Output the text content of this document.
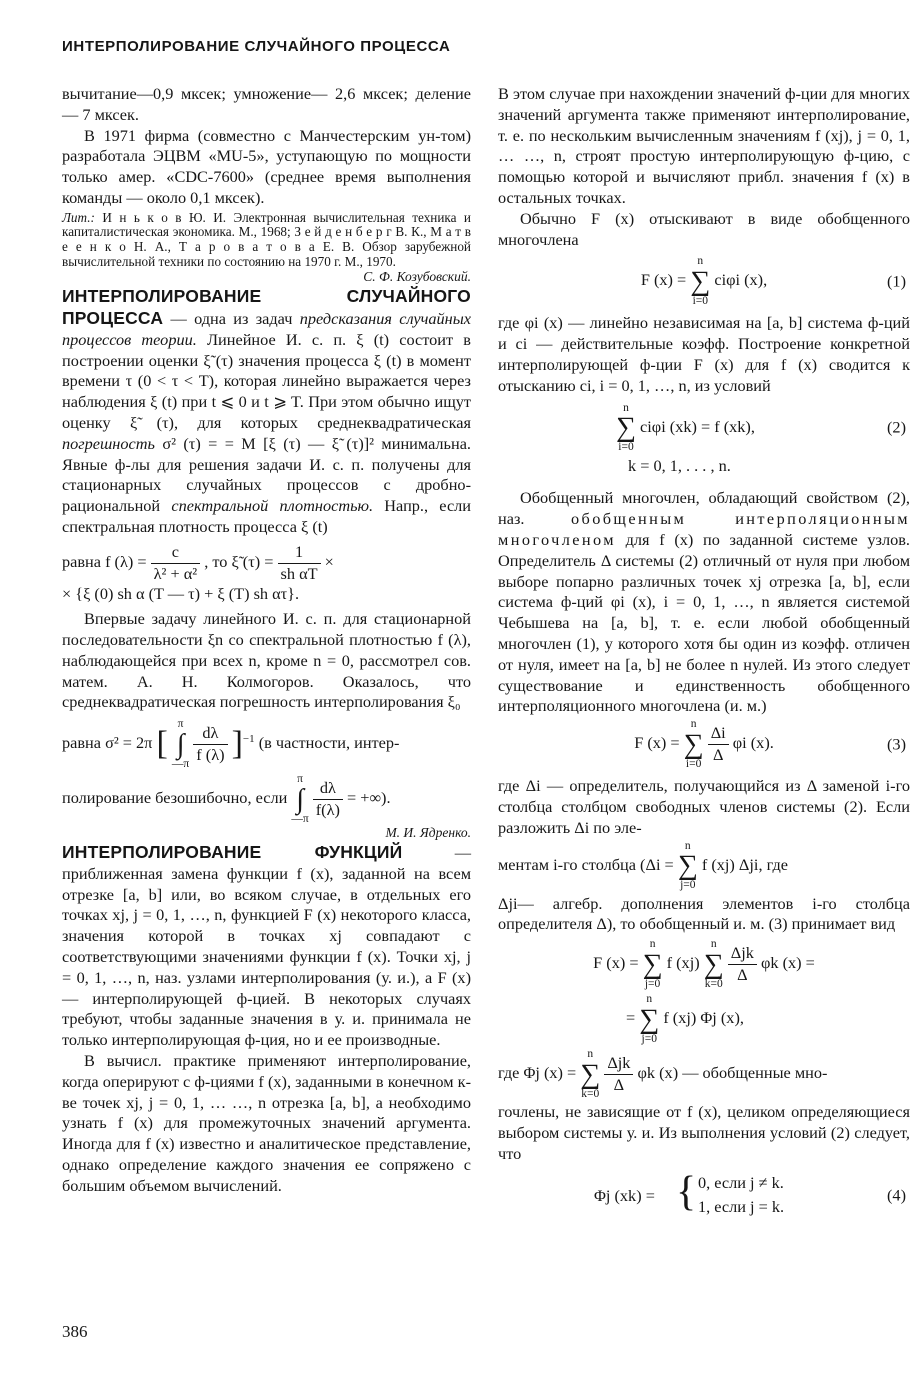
ИНТЕРПОЛИРОВАНИЕ СЛУЧАЙНОГО ПРОЦЕССА

вычитание—0,9 мксек; умножение— 2,6 мксек; деление — 7 мксек.

В 1971 фирма (совместно с Манчестерским ун-том) разработала ЭЦВМ «MU-5», уступающую по мощности только амер. «CDC-7600» (среднее время выполнения команды — около 0,1 мксек).

Лит.: И н ь к о в Ю. И. Электронная вычислительная техника и капиталистическая экономика. М., 1968; З е й д е н б е р г В. К., М а т в е е н к о Н. А., Т а р о в а т о в а Е. В. Обзор зарубежной вычислительной техники по состоянию на 1970 г. М., 1970.

С. Ф. Козубовский.

ИНТЕРПОЛИРОВАНИЕ СЛУЧАЙНОГО ПРОЦЕССА — одна из задач предсказания случайных процессов теории. Линейное И. с. п. ξ (t) состоит в построении оценки ξ̃ (τ) значения процесса ξ (t) в момент времени τ (0 < τ < T), которая линейно выражается через наблюдения ξ (t) при t ⩽ 0 и t ⩾ T. При этом обычно ищут оценку ξ̃ (τ), для которых среднеквадратическая погрешность σ² (τ) = = M [ξ (τ) — ξ̃ (τ)]² минимальна. Явные ф-лы для решения задачи И. с. п. получены для стационарных случайных процессов с дробно-рациональной спектральной плотностью. Напр., если спектральная плотность процесса ξ (t)

равна f $(\lambda) = \frac{c}{\text{λ² + α²}}$ , то ξ̃ $(\tau) = \frac{1}{\text{sh αT}}$ ×

× {ξ (0) sh α (T — τ) + ξ (T) sh ατ}.

Впервые задачу линейного И. с. п. для стационарной последовательности ξn со спектральной плотностью f (λ), наблюдающейся при всех n, кроме n = 0, рассмотрел сов. матем. А. Н. Колмогоров. Оказалось, что среднеквадратическая погрешность интерполирования ξ₀

равна σ² = 2π [
π
∫
—π
$\frac{d\lambda}{f (\lambda)} ]^{-1}$ (в частности, интер-

полирование безошибочно, если
π
∫
—π
$\frac{d\lambda}{f(\lambda)}$ = +∞).

М. И. Ядренко.

ИНТЕРПОЛИРОВАНИЕ ФУНКЦИЙ	— приближенная замена функции f (x), заданной на всем отрезке [a, b] или, во всяком случае, в отдельных его точках xj, j = 0, 1, …, n, функцией F (x) некоторого класса, значения которой в точках xj совпадают с соответствующими значениями функции f (x). Точки xj, j = 0, 1, …, n, наз. узлами интерполирования (у. и.), а F (x) — интерполирующей ф-цией. В некоторых случаях требуют, чтобы заданные значения в у. и. принимала не только интерполирующая ф-ция, но и ее производные.

В вычисл. практике применяют интерполирование, когда оперируют с ф-циями f (x), заданными в конечном к-ве точек xj, j = 0, 1, … …, n отрезка [a, b], а необходимо узнать f (x) для промежуточных значений аргумента. Иногда для f (x) известно и аналитическое представление, однако определение каждого значения ее сопряжено с большим объемом вычислений.

В этом случае при нахождении значений ф-ции для многих значений аргумента также применяют интерполирование, т. е. по нескольким вычисленным значениям f (xj), j = 0, 1, … …, n, строят простую интерполирующую ф-цию, с помощью которой и вычисляют прибл. значения f (x) в остальных точках.

Обычно F (x) отыскивают в виде обобщенного многочлена

F (x) =
n
∑
i=0
ciφi (x),	(1)

где φi (x) — линейно независимая на [a, b] система ф-ций и ci — действительные коэфф. Построение конкретной интерполирующей ф-ции F (x) для f (x) сводится к отысканию ci, i = 0, 1, …, n, из условий

n
∑
i=0
ciφi (xk) = f (xk),	(2)

k = 0, 1, . . . , n.

Обобщенный многочлен, обладающий свойством (2), наз.	обобщенным интерполяционным многочленом для f (x) по заданной системе узлов. Определитель Δ системы (2) отличный от нуля при любом выборе попарно различных точек xj отрезка [a, b], если система ф-ций φi (x), i = 0, 1, …, n является системой Чебышева на [a, b], т. е. если любой обобщенный многочлен (1), у которого хотя бы один из коэфф. отличен от нуля, имеет на [a, b] не более n нулей. Из этого следует существование и единственность обобщенного интерполяционного многочлена (и. м.)

F (x) =
n
∑
i=0
$\frac{\Delta i}{\Delta}$ φi (x).	(3)

где Δi — определитель, получающийся из Δ заменой i-го столбца столбцом свободных членов системы (2). Если разложить Δi по эле-

ментам i-го столбца (Δi =
n
∑
j=0
f (xj) Δji, где

Δji— алгебр. дополнения элементов i-го столбца определителя Δ), то обобщенный и. м. (3) принимает вид

F (x) =
n
∑
j=0
f (xj)
n
∑
k=0
$\frac{\text{Δjk}}{\Delta}$ φk (x) =
=
n
∑
j=0
f (xj) Φj (x),

где Φj (x) =
n
∑
k=0
$\frac{\text{Δjk}}{\Delta}$ φk (x) — обобщенные мно-

гочлены, не зависящие от f (x), целиком определяющиеся выбором системы у. и. Из выполнения условий (2) следует, что

Φj (xk) = { 0, если j ≠ k.
1, если j = k.
(4)
386
